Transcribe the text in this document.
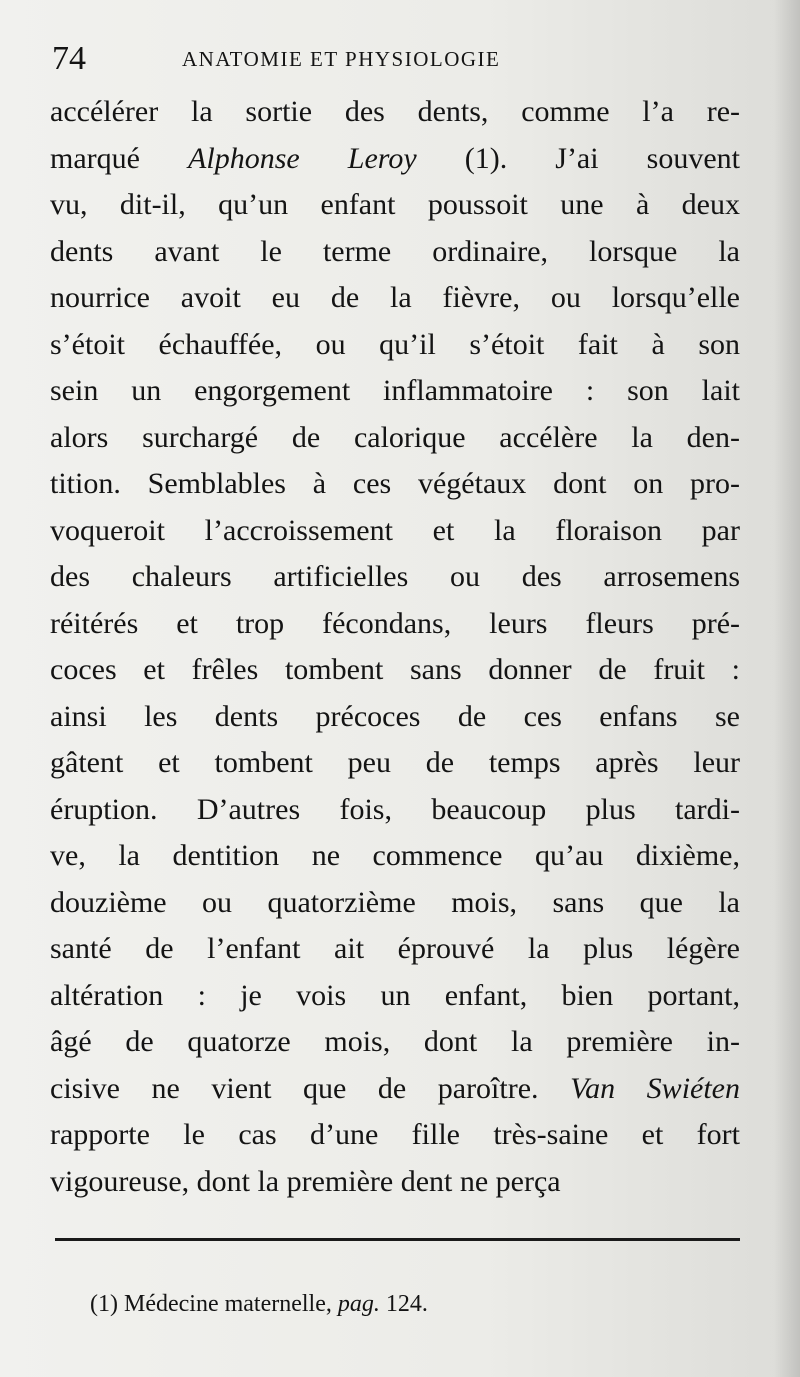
74	ANATOMIE ET PHYSIOLOGIE
accélérer la sortie des dents, comme l’a re-
marqué Alphonse Leroy (1). J’ai souvent
vu, dit-il, qu’un enfant poussoit une à deux
dents avant le terme ordinaire, lorsque la
nourrice avoit eu de la fièvre, ou lorsqu’elle
s’étoit échauffée, ou qu’il s’étoit fait à son
sein un engorgement inflammatoire : son lait
alors surchargé de calorique accélère la den-
tition. Semblables à ces végétaux dont on pro-
voqueroit l’accroissement et la floraison par
des chaleurs artificielles ou des arrosemens
réitérés et trop fécondans, leurs fleurs pré-
coces et frêles tombent sans donner de fruit :
ainsi les dents précoces de ces enfans se
gâtent et tombent peu de temps après leur
éruption. D’autres fois, beaucoup plus tardi-
ve, la dentition ne commence qu’au dixième,
douzième ou quatorzième mois, sans que la
santé de l’enfant ait éprouvé la plus légère
altération : je vois un enfant, bien portant,
âgé de quatorze mois, dont la première in-
cisive ne vient que de paroître. Van Swiéten
rapporte le cas d’une fille très-saine et fort
vigoureuse, dont la première dent ne perça
(1) Médecine maternelle, pag. 124.
